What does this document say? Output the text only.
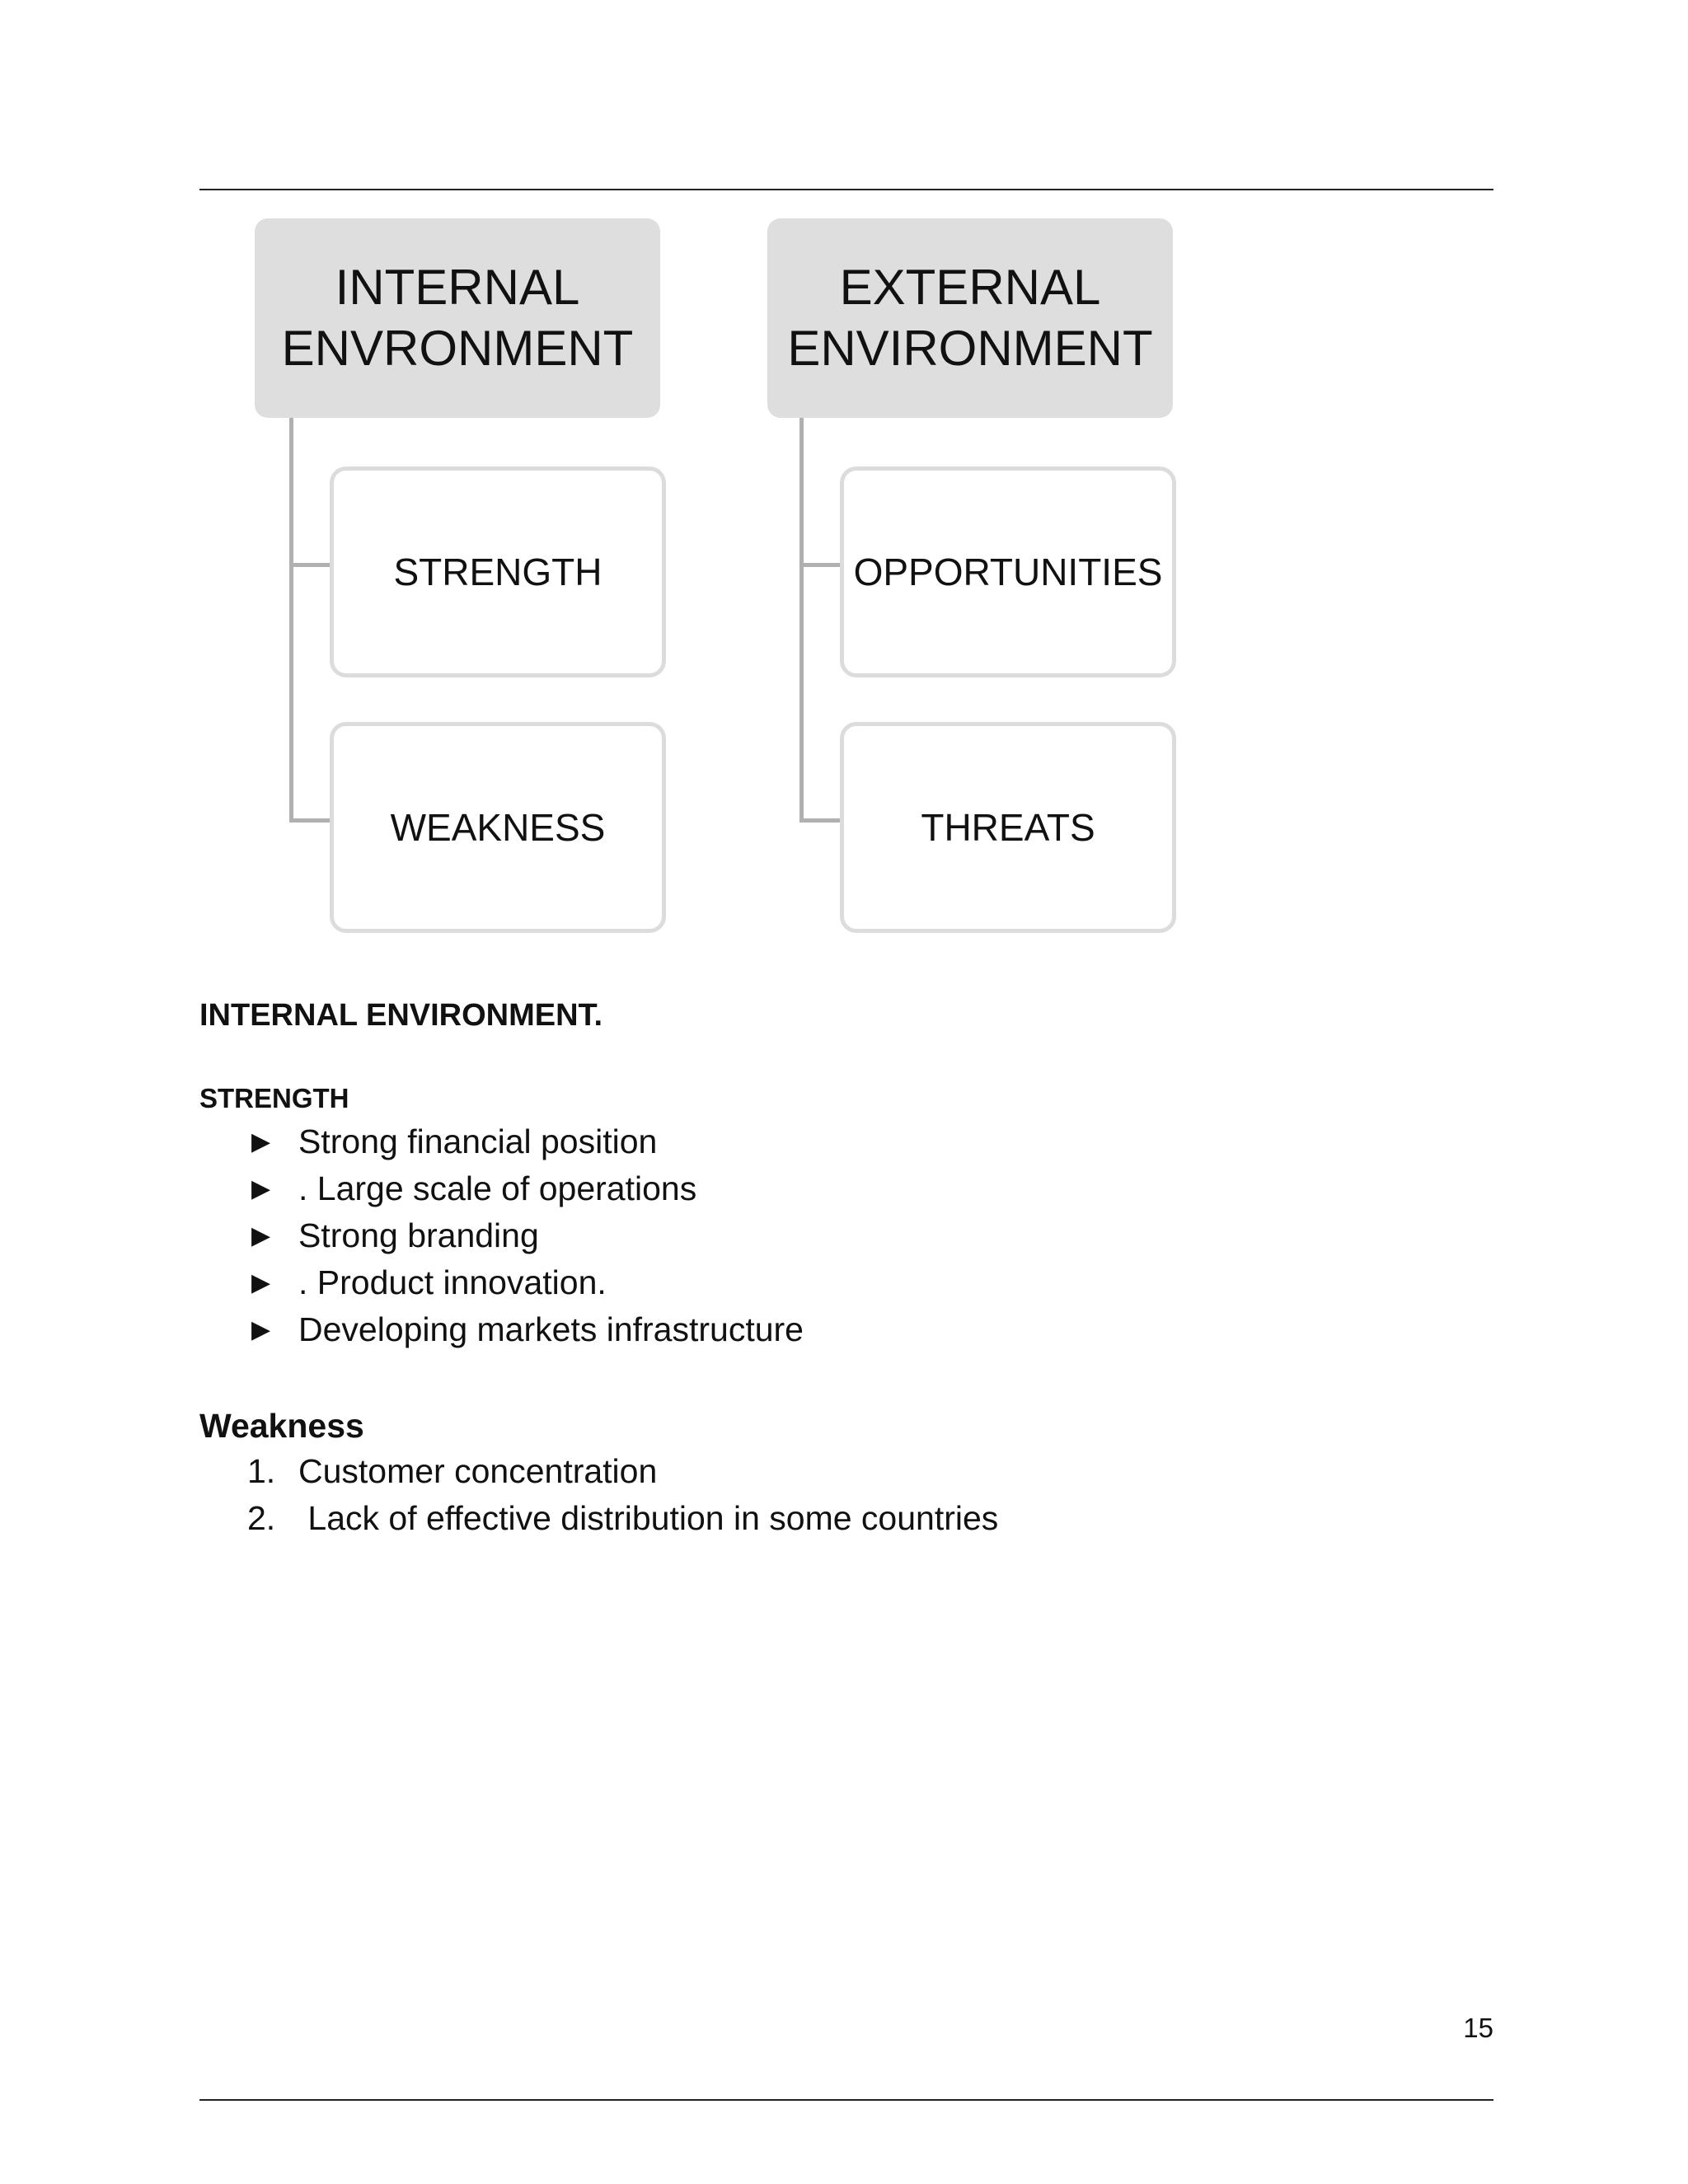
INTERNAL
ENVRONMENT
EXTERNAL
ENVIRONMENT
STRENGTH
WEAKNESS
OPPORTUNITIES
THREATS
INTERNAL ENVIRONMENT.
STRENGTH
▶ Strong financial position
▶ . Large scale of operations
▶ Strong branding
▶ . Product innovation.
▶ Developing markets infrastructure
Weakness
1. Customer concentration
2. Lack of effective distribution in some countries
15
